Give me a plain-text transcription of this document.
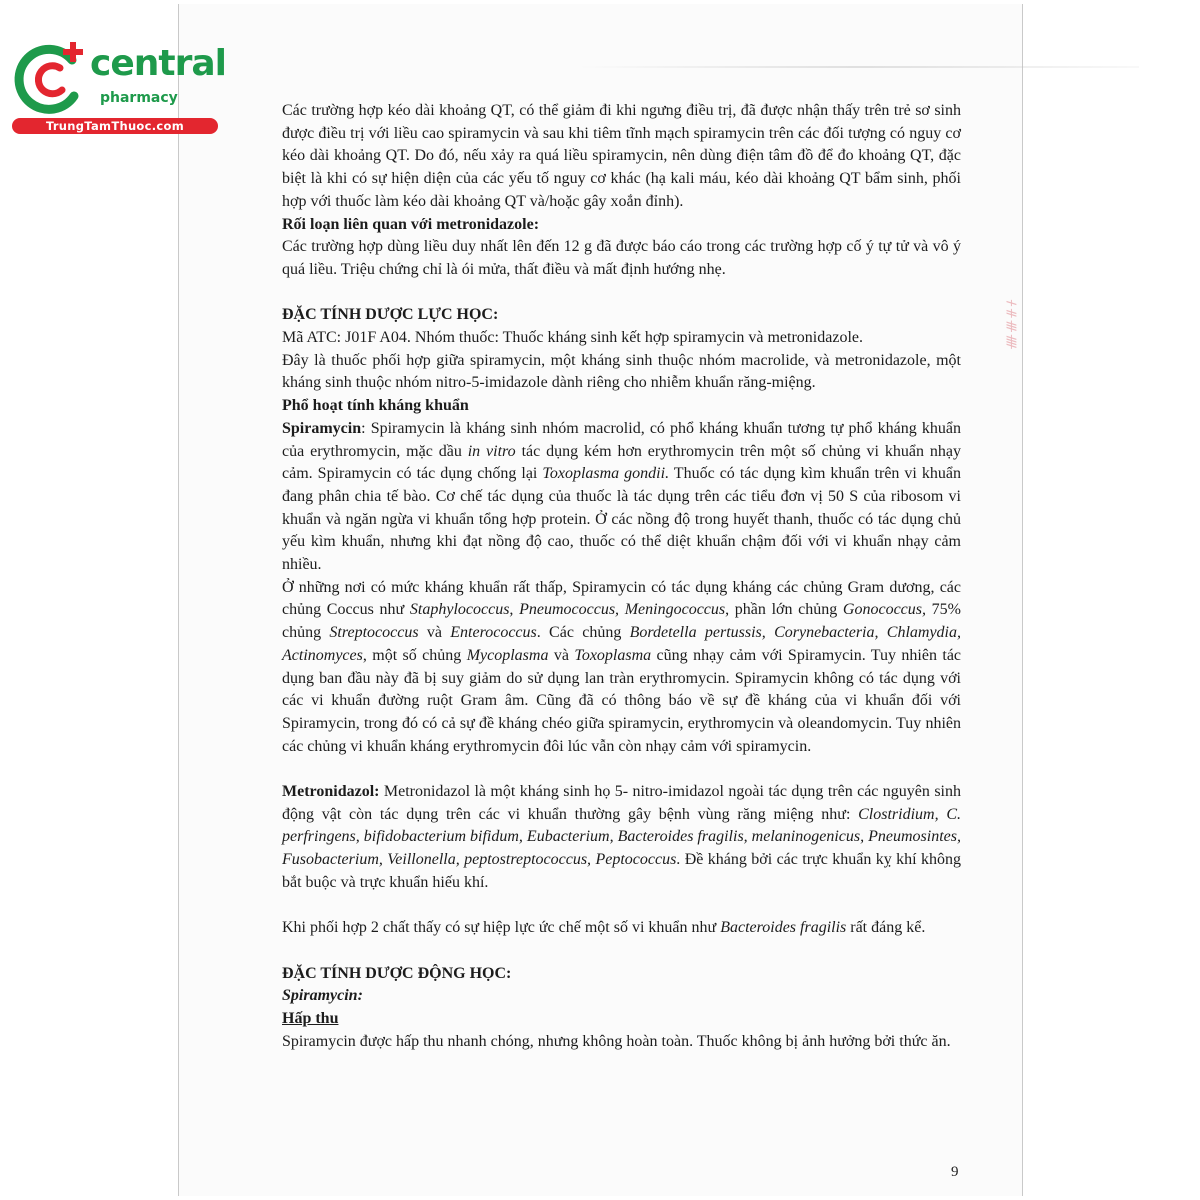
ᚋ ᚌ ᚍ ᚎ
central
pharmacy
TrungTamThuoc.com

Các trường hợp kéo dài khoảng QT, có thể giảm đi khi ngưng điều trị, đã được nhận thấy trên trẻ sơ sinh được điều trị với liều cao spiramycin và sau khi tiêm tĩnh mạch spiramycin trên các đối tượng có nguy cơ kéo dài khoảng QT. Do đó, nếu xảy ra quá liều spiramycin, nên dùng điện tâm đồ để đo khoảng QT, đặc biệt là khi có sự hiện diện của các yếu tố nguy cơ khác (hạ kali máu, kéo dài khoảng QT bẩm sinh, phối hợp với thuốc làm kéo dài khoảng QT và/hoặc gây xoắn đỉnh).

Rối loạn liên quan với metronidazole:

Các trường hợp dùng liều duy nhất lên đến 12 g đã được báo cáo trong các trường hợp cố ý tự tử và vô ý quá liều. Triệu chứng chỉ là ói mửa, thất điều và mất định hướng nhẹ.

ĐẶC TÍNH DƯỢC LỰC HỌC:

Mã ATC: J01F A04. Nhóm thuốc: Thuốc kháng sinh kết hợp spiramycin và metronidazole.

Đây là thuốc phối hợp giữa spiramycin, một kháng sinh thuộc nhóm macrolide, và metronidazole, một kháng sinh thuộc nhóm nitro-5-imidazole dành riêng cho nhiễm khuẩn răng-miệng.

Phổ hoạt tính kháng khuẩn

Spiramycin: Spiramycin là kháng sinh nhóm macrolid, có phổ kháng khuẩn tương tự phổ kháng khuẩn của erythromycin, mặc dầu in vitro tác dụng kém hơn erythromycin trên một số chủng vi khuẩn nhạy cảm. Spiramycin có tác dụng chống lại Toxoplasma gondii. Thuốc có tác dụng kìm khuẩn trên vi khuẩn đang phân chia tế bào. Cơ chế tác dụng của thuốc là tác dụng trên các tiểu đơn vị 50 S của ribosom vi khuẩn và ngăn ngừa vi khuẩn tổng hợp protein. Ở các nồng độ trong huyết thanh, thuốc có tác dụng chủ yếu kìm khuẩn, nhưng khi đạt nồng độ cao, thuốc có thể diệt khuẩn chậm đối với vi khuẩn nhạy cảm nhiều.

Ở những nơi có mức kháng khuẩn rất thấp, Spiramycin có tác dụng kháng các chủng Gram dương, các chủng Coccus như Staphylococcus, Pneumococcus, Meningococcus, phần lớn chủng Gonococcus, 75% chủng Streptococcus và Enterococcus. Các chủng Bordetella pertussis, Corynebacteria, Chlamydia, Actinomyces, một số chủng Mycoplasma và Toxoplasma cũng nhạy cảm với Spiramycin. Tuy nhiên tác dụng ban đầu này đã bị suy giảm do sử dụng lan tràn erythromycin. Spiramycin không có tác dụng với các vi khuẩn đường ruột Gram âm. Cũng đã có thông báo về sự đề kháng của vi khuẩn đối với Spiramycin, trong đó có cả sự đề kháng chéo giữa spiramycin, erythromycin và oleandomycin. Tuy nhiên các chủng vi khuẩn kháng erythromycin đôi lúc vẫn còn nhạy cảm với spiramycin.

Metronidazol: Metronidazol là một kháng sinh họ 5- nitro-imidazol ngoài tác dụng trên các nguyên sinh động vật còn tác dụng trên các vi khuẩn thường gây bệnh vùng răng miệng như: Clostridium, C. perfringens, bifidobacterium bifidum, Eubacterium, Bacteroides fragilis, melaninogenicus, Pneumosintes, Fusobacterium, Veillonella, peptostreptococcus, Peptococcus. Đề kháng bởi các trực khuẩn kỵ khí không bắt buộc và trực khuẩn hiếu khí.

Khi phối hợp 2 chất thấy có sự hiệp lực ức chế một số vi khuẩn như Bacteroides fragilis rất đáng kể.

ĐẶC TÍNH DƯỢC ĐỘNG HỌC:

Spiramycin:

Hấp thu

Spiramycin được hấp thu nhanh chóng, nhưng không hoàn toàn. Thuốc không bị ảnh hưởng bởi thức ăn.

9
